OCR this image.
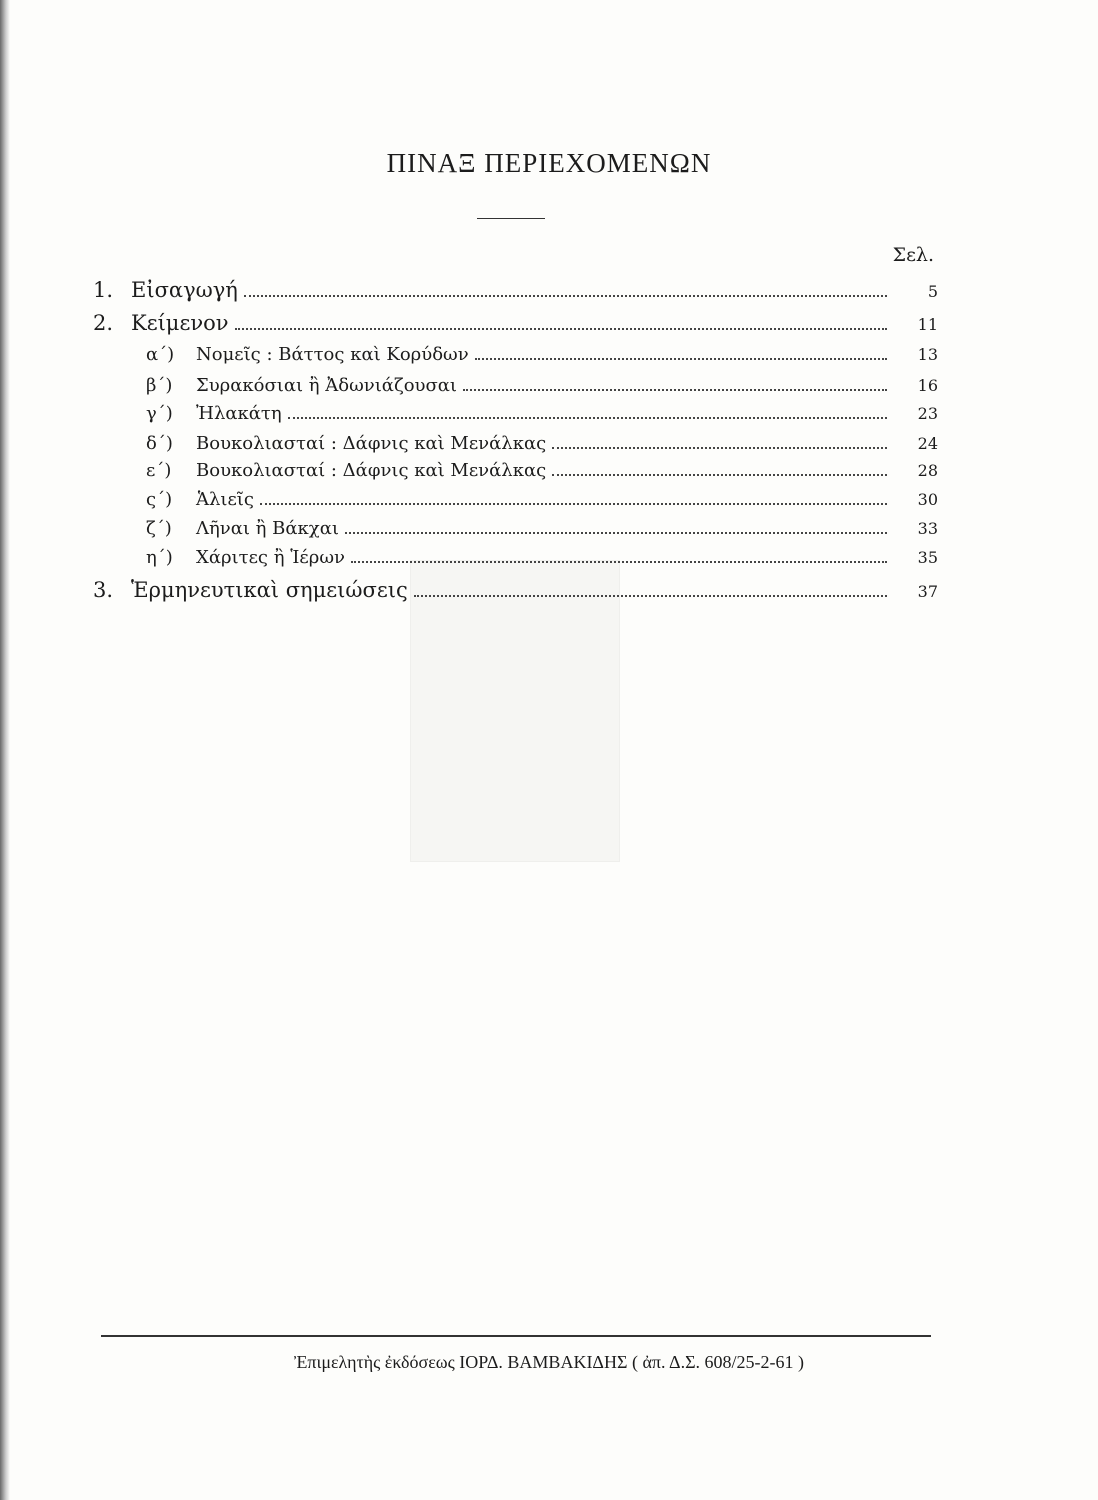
ΠΙΝΑΞ ΠΕΡΙΕΧΟΜΕΝΩΝ
Σελ.
1. Εἰσαγωγή	5
2. Κείμενον	11
α΄)	Νομεῖς : Βάττος καὶ Κορύδων	13
β΄)	Συρακόσιαι ἢ Ἀδωνιάζουσαι	16
γ΄)	Ἠλακάτη	23
δ΄)	Βουκολιασταί : Δάφνις καὶ Μενάλκας	24
ε΄)	Βουκολιασταί : Δάφνις καὶ Μενάλκας	28
ς΄)	Ἁλιεῖς	30
ζ΄)	Λῆναι ἢ Βάκχαι	33
η΄)	Χάριτες ἢ Ἱέρων	35
3. Ἑρμηνευτικαὶ σημειώσεις	37
Ἐπιμελητὴς ἐκδόσεως ΙΟΡΔ. ΒΑΜΒΑΚΙΔΗΣ ( ἀπ. Δ.Σ. 608/25-2-61 )
